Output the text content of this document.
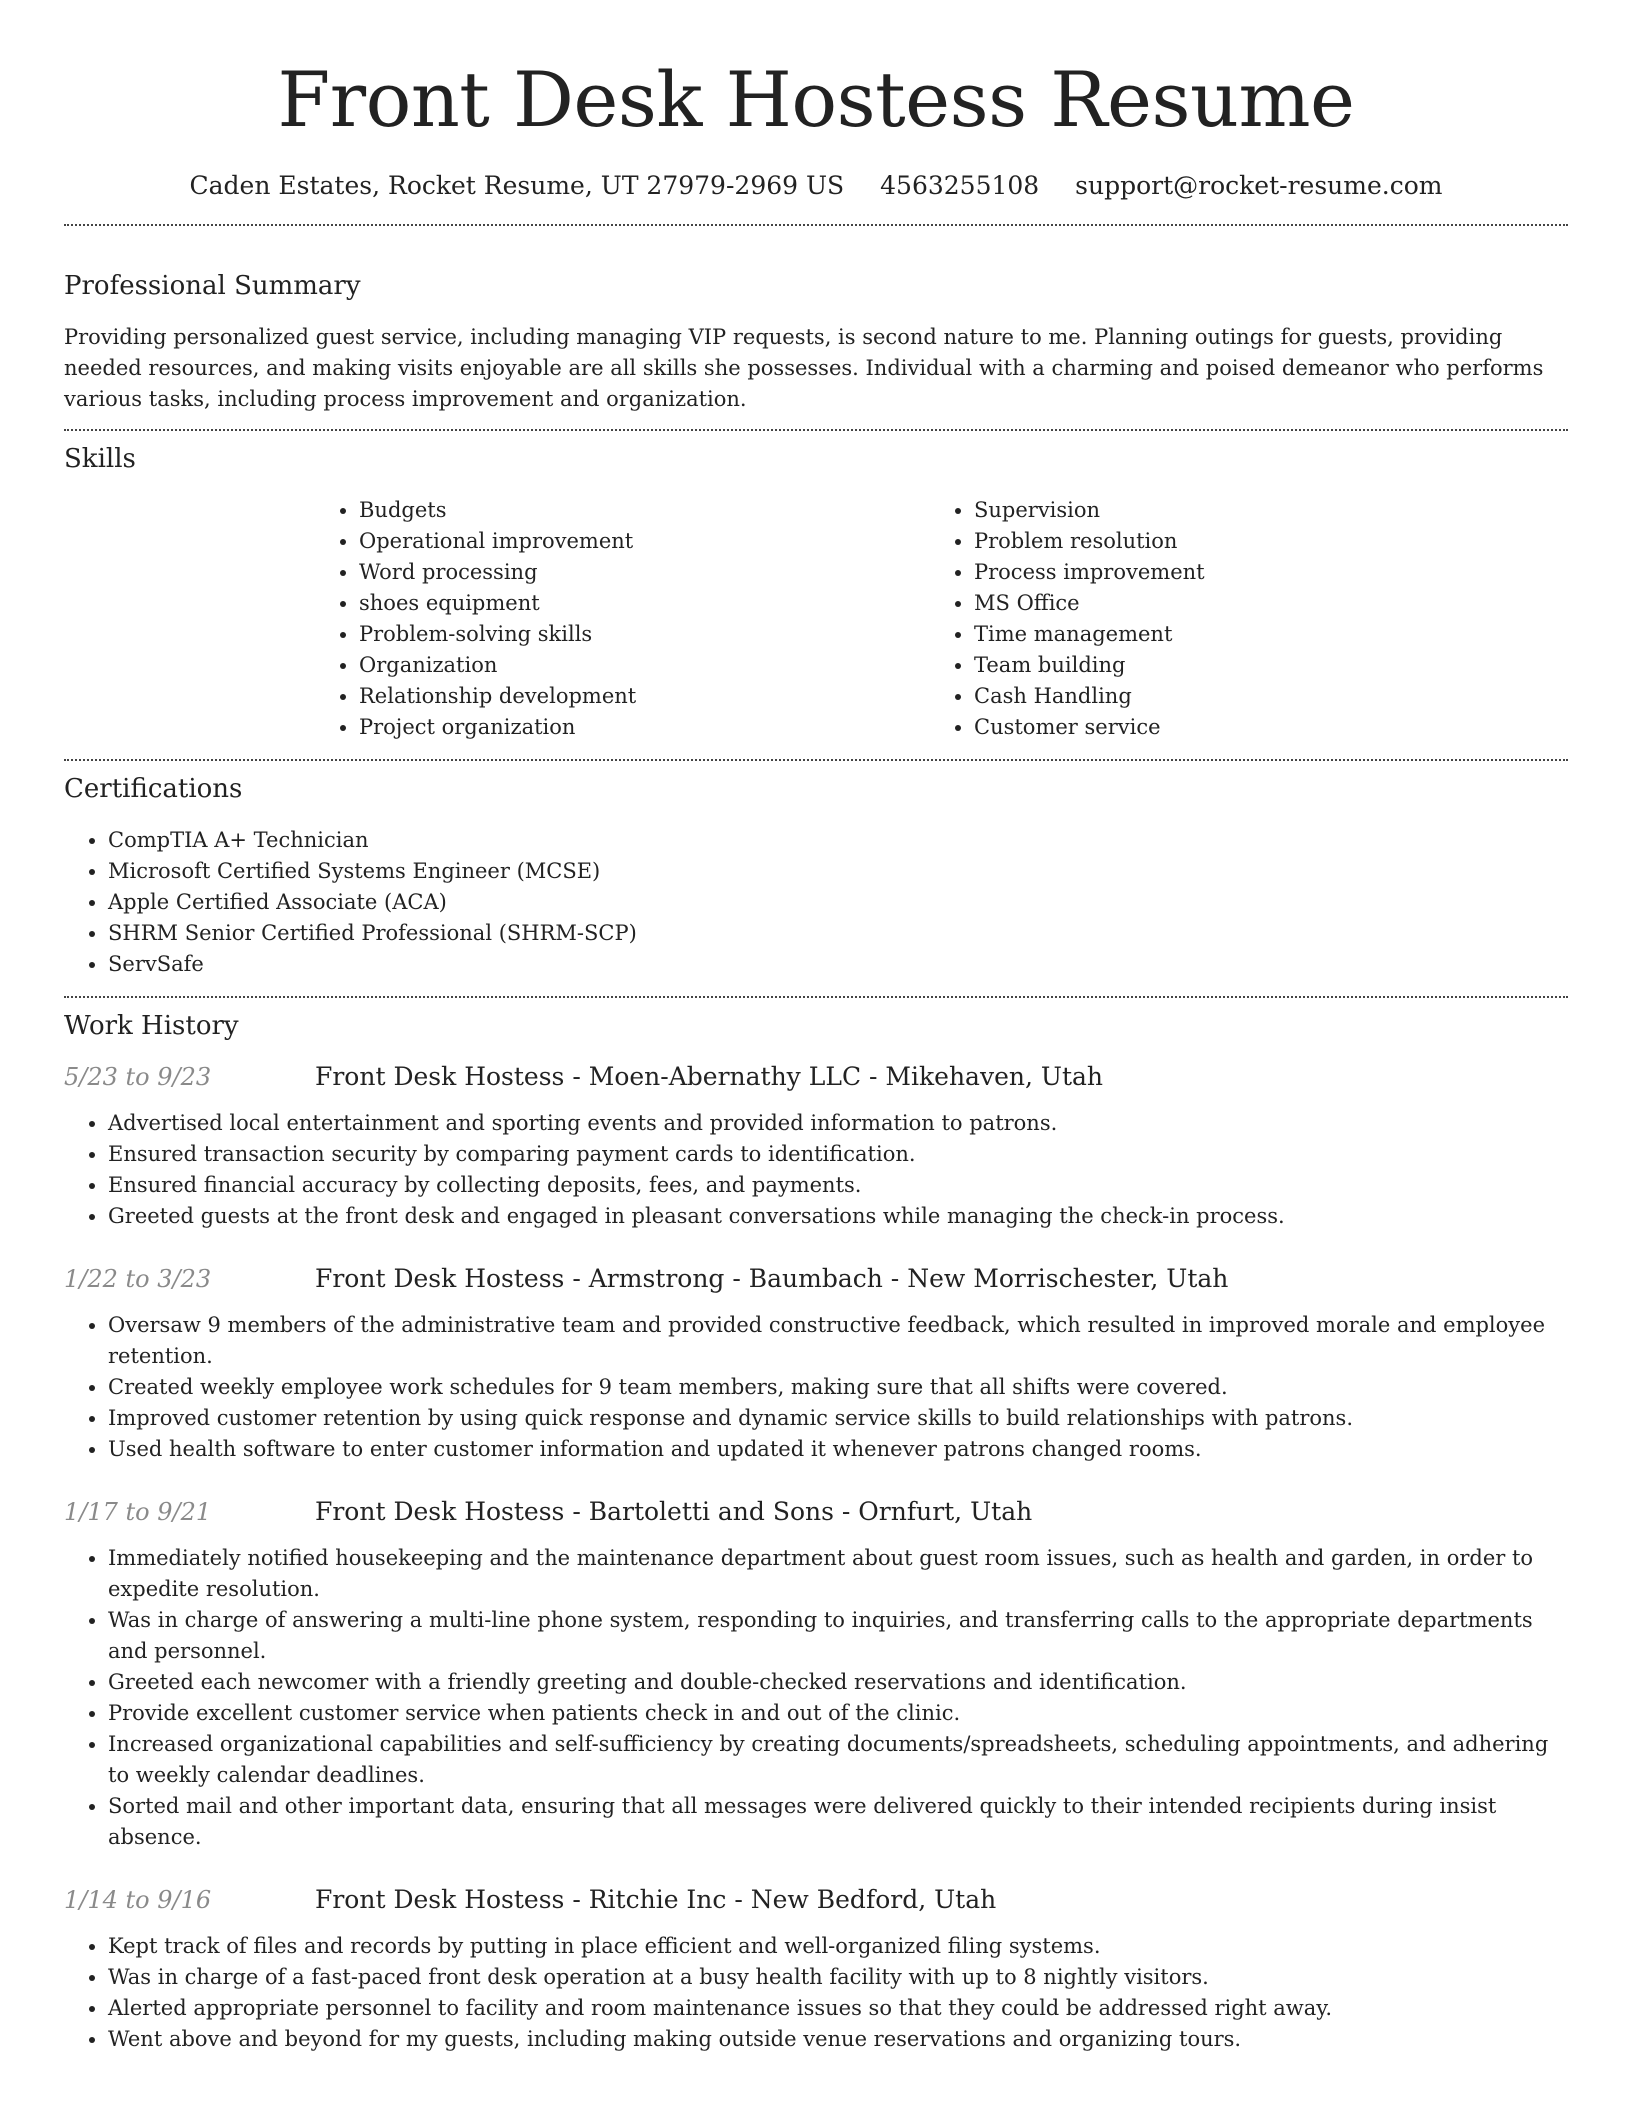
Front Desk Hostess Resume
Caden Estates, Rocket Resume, UT 27979-2969 US 4563255108 support@rocket-resume.com
Professional Summary

Providing personalized guest service, including managing VIP requests, is second nature to me. Planning outings for guests, providing needed resources, and making visits enjoyable are all skills she possesses. Individual with a charming and poised demeanor who performs various tasks, including process improvement and organization.

Skills
• Budgets
• Operational improvement
• Word processing
• shoes equipment
• Problem-solving skills
• Organization
• Relationship development
• Project organization
• Supervision
• Problem resolution
• Process improvement
• MS Office
• Time management
• Team building
• Cash Handling
• Customer service
Certifications
• CompTIA A+ Technician
• Microsoft Certified Systems Engineer (MCSE)
• Apple Certified Associate (ACA)
• SHRM Senior Certified Professional (SHRM-SCP)
• ServSafe
Work History
5/23 to 9/23	Front Desk Hostess - Moen-Abernathy LLC - Mikehaven, Utah
• Advertised local entertainment and sporting events and provided information to patrons.
• Ensured transaction security by comparing payment cards to identification.
• Ensured financial accuracy by collecting deposits, fees, and payments.
• Greeted guests at the front desk and engaged in pleasant conversations while managing the check-in process.
1/22 to 3/23	Front Desk Hostess - Armstrong - Baumbach - New Morrischester, Utah
• Oversaw 9 members of the administrative team and provided constructive feedback, which resulted in improved morale and employee retention.
• Created weekly employee work schedules for 9 team members, making sure that all shifts were covered.
• Improved customer retention by using quick response and dynamic service skills to build relationships with patrons.
• Used health software to enter customer information and updated it whenever patrons changed rooms.
1/17 to 9/21	Front Desk Hostess - Bartoletti and Sons - Ornfurt, Utah
• Immediately notified housekeeping and the maintenance department about guest room issues, such as health and garden, in order to expedite resolution.
• Was in charge of answering a multi-line phone system, responding to inquiries, and transferring calls to the appropriate departments and personnel.
• Greeted each newcomer with a friendly greeting and double-checked reservations and identification.
• Provide excellent customer service when patients check in and out of the clinic.
• Increased organizational capabilities and self-sufficiency by creating documents/spreadsheets, scheduling appointments, and adhering to weekly calendar deadlines.
• Sorted mail and other important data, ensuring that all messages were delivered quickly to their intended recipients during insist absence.
1/14 to 9/16	Front Desk Hostess - Ritchie Inc - New Bedford, Utah
• Kept track of files and records by putting in place efficient and well-organized filing systems.
• Was in charge of a fast-paced front desk operation at a busy health facility with up to 8 nightly visitors.
• Alerted appropriate personnel to facility and room maintenance issues so that they could be addressed right away.
• Went above and beyond for my guests, including making outside venue reservations and organizing tours.
